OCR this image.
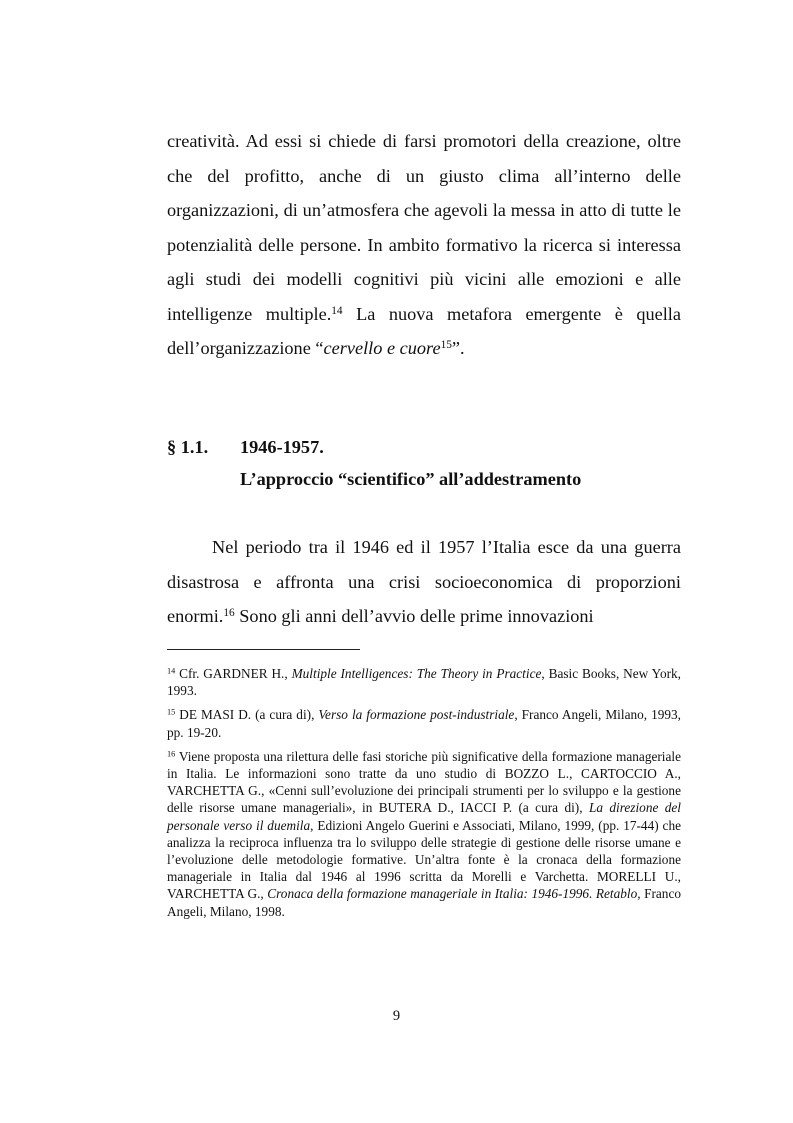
creatività. Ad essi si chiede di farsi promotori della creazione, oltre che del profitto, anche di un giusto clima all’interno delle organizzazioni, di un’atmosfera che agevoli la messa in atto di tutte le potenzialità delle persone. In ambito formativo la ricerca si interessa agli studi dei modelli cognitivi più vicini alle emozioni e alle intelligenze multiple.$^{14}$ La nuova metafora emergente è quella dell’organizzazione “cervello e cuore$^{15}$”.

§ 1.1. 1946-1957.

L’approccio “scientifico” all’addestramento

Nel periodo tra il 1946 ed il 1957 l’Italia esce da una guerra disastrosa e affronta una crisi socioeconomica di proporzioni enormi.$^{16}$ Sono gli anni dell’avvio delle prime innovazioni

$^{14}$ Cfr. GARDNER H., Multiple Intelligences: The Theory in Practice, Basic Books, New York, 1993.

$^{15}$ DE MASI D. (a cura di), Verso la formazione post-industriale, Franco Angeli, Milano, 1993, pp. 19-20.

$^{16}$ Viene proposta una rilettura delle fasi storiche più significative della formazione manageriale in Italia. Le informazioni sono tratte da uno studio di BOZZO L., CARTOCCIO A., VARCHETTA G., «Cenni sull’evoluzione dei principali strumenti per lo sviluppo e la gestione delle risorse umane manageriali», in BUTERA D., IACCI P. (a cura di), La direzione del personale verso il duemila, Edizioni Angelo Guerini e Associati, Milano, 1999, (pp. 17-44) che analizza la reciproca influenza tra lo sviluppo delle strategie di gestione delle risorse umane e l’evoluzione delle metodologie formative. Un’altra fonte è la cronaca della formazione manageriale in Italia dal 1946 al 1996 scritta da Morelli e Varchetta. MORELLI U., VARCHETTA G., Cronaca della formazione manageriale in Italia: 1946-1996. Retablo, Franco Angeli, Milano, 1998.

9
